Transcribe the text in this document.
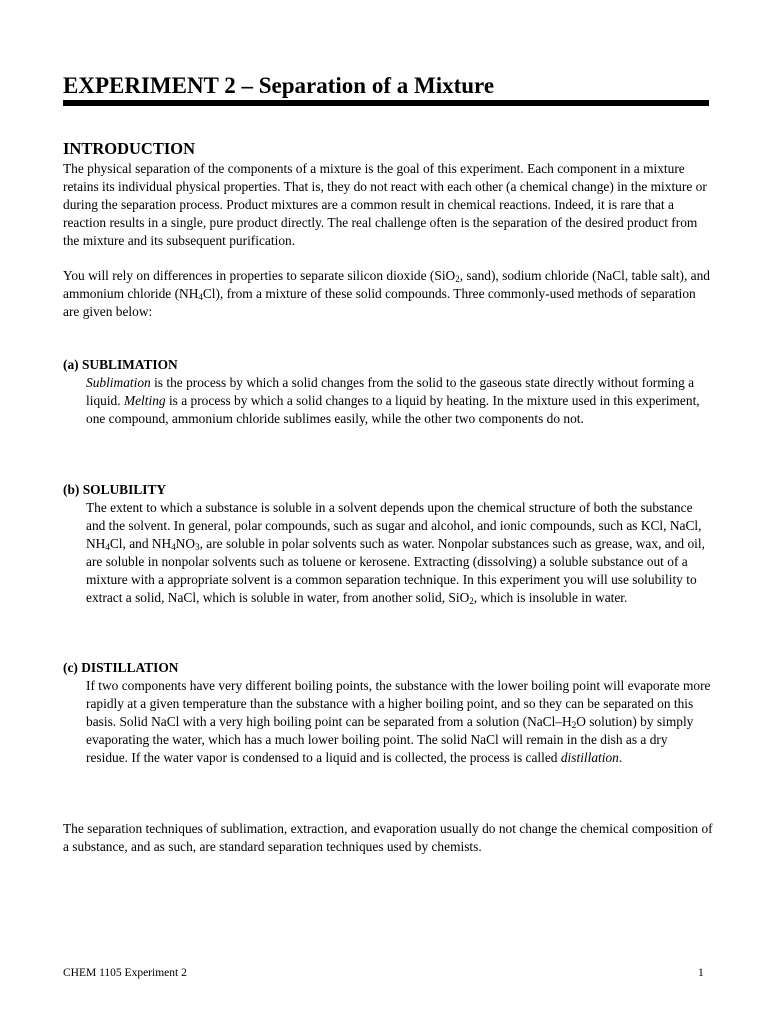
EXPERIMENT 2 – Separation of a Mixture
INTRODUCTION

The physical separation of the components of a mixture is the goal of this experiment. Each component in a mixture retains its individual physical properties. That is, they do not react with each other (a chemical change) in the mixture or during the separation process. Product mixtures are a common result in chemical reactions. Indeed, it is rare that a reaction results in a single, pure product directly. The real challenge often is the separation of the desired product from the mixture and its subsequent purification.

You will rely on differences in properties to separate silicon dioxide (SiO$_2$, sand), sodium chloride (NaCl, table salt), and ammonium chloride $(NH_4Cl)$, from a mixture of these solid compounds. Three commonly-used methods of separation are given below:

(a) SUBLIMATION

Sublimation is the process by which a solid changes from the solid to the gaseous state directly without forming a liquid. Melting is a process by which a solid changes to a liquid by heating. In the mixture used in this experiment, one compound, ammonium chloride sublimes easily, while the other two components do not.

(b) SOLUBILITY

The extent to which a substance is soluble in a solvent depends upon the chemical structure of both the substance and the solvent. In general, polar compounds, such as sugar and alcohol, and ionic compounds, such as KCl, NaCl, $NH_4Cl$, and $NH_4NO_3$, are soluble in polar solvents such as water. Nonpolar substances such as grease, wax, and oil, are soluble in nonpolar solvents such as toluene or kerosene. Extracting (dissolving) a soluble substance out of a mixture with a appropriate solvent is a common separation technique. In this experiment you will use solubility to extract a solid, NaCl, which is soluble in water, from another solid, SiO$_2$, which is insoluble in water.

(c) DISTILLATION

If two components have very different boiling points, the substance with the lower boiling point will evaporate more rapidly at a given temperature than the substance with a higher boiling point, and so they can be separated on this basis. Solid NaCl with a very high boiling point can be separated from a solution ($NaCl-H_2O$ solution) by simply evaporating the water, which has a much lower boiling point. The solid NaCl will remain in the dish as a dry residue. If the water vapor is condensed to a liquid and is collected, the process is called distillation.

The separation techniques of sublimation, extraction, and evaporation usually do not change the chemical composition of a substance, and as such, are standard separation techniques used by chemists.

CHEM 1105 Experiment 2	1
